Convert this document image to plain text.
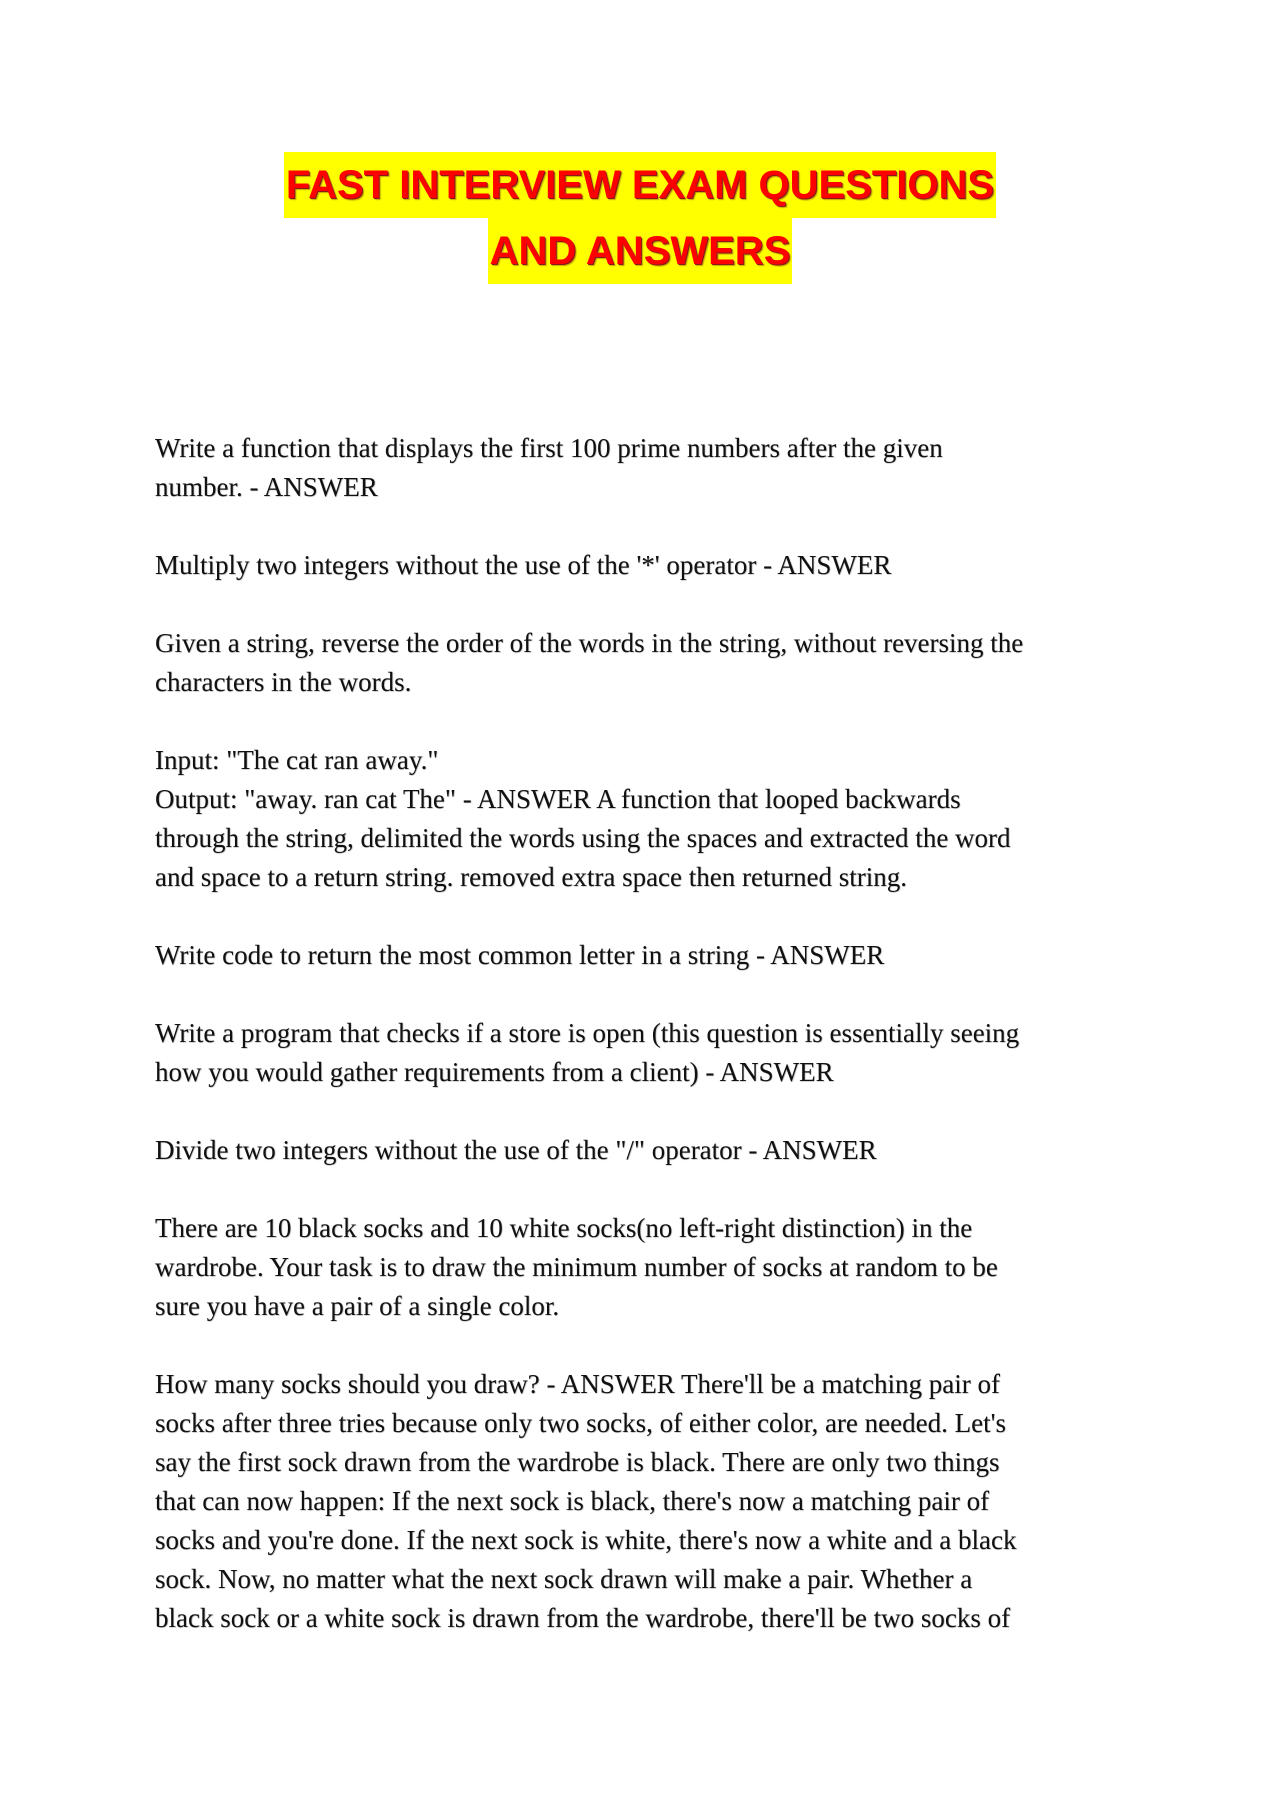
FAST INTERVIEW EXAM QUESTIONS
AND ANSWERS
Write a function that displays the first 100 prime numbers after the given
number. - ANSWER
Multiply two integers without the use of the '*' operator - ANSWER
Given a string, reverse the order of the words in the string, without reversing the
characters in the words.
Input: "The cat ran away."
Output: "away. ran cat The" - ANSWER A function that looped backwards
through the string, delimited the words using the spaces and extracted the word
and space to a return string. removed extra space then returned string.
Write code to return the most common letter in a string - ANSWER
Write a program that checks if a store is open (this question is essentially seeing
how you would gather requirements from a client) - ANSWER
Divide two integers without the use of the "/" operator - ANSWER
There are 10 black socks and 10 white socks(no left-right distinction) in the
wardrobe. Your task is to draw the minimum number of socks at random to be
sure you have a pair of a single color.
How many socks should you draw? - ANSWER There'll be a matching pair of
socks after three tries because only two socks, of either color, are needed. Let's
say the first sock drawn from the wardrobe is black. There are only two things
that can now happen: If the next sock is black, there's now a matching pair of
socks and you're done. If the next sock is white, there's now a white and a black
sock. Now, no matter what the next sock drawn will make a pair. Whether a
black sock or a white sock is drawn from the wardrobe, there'll be two socks of
